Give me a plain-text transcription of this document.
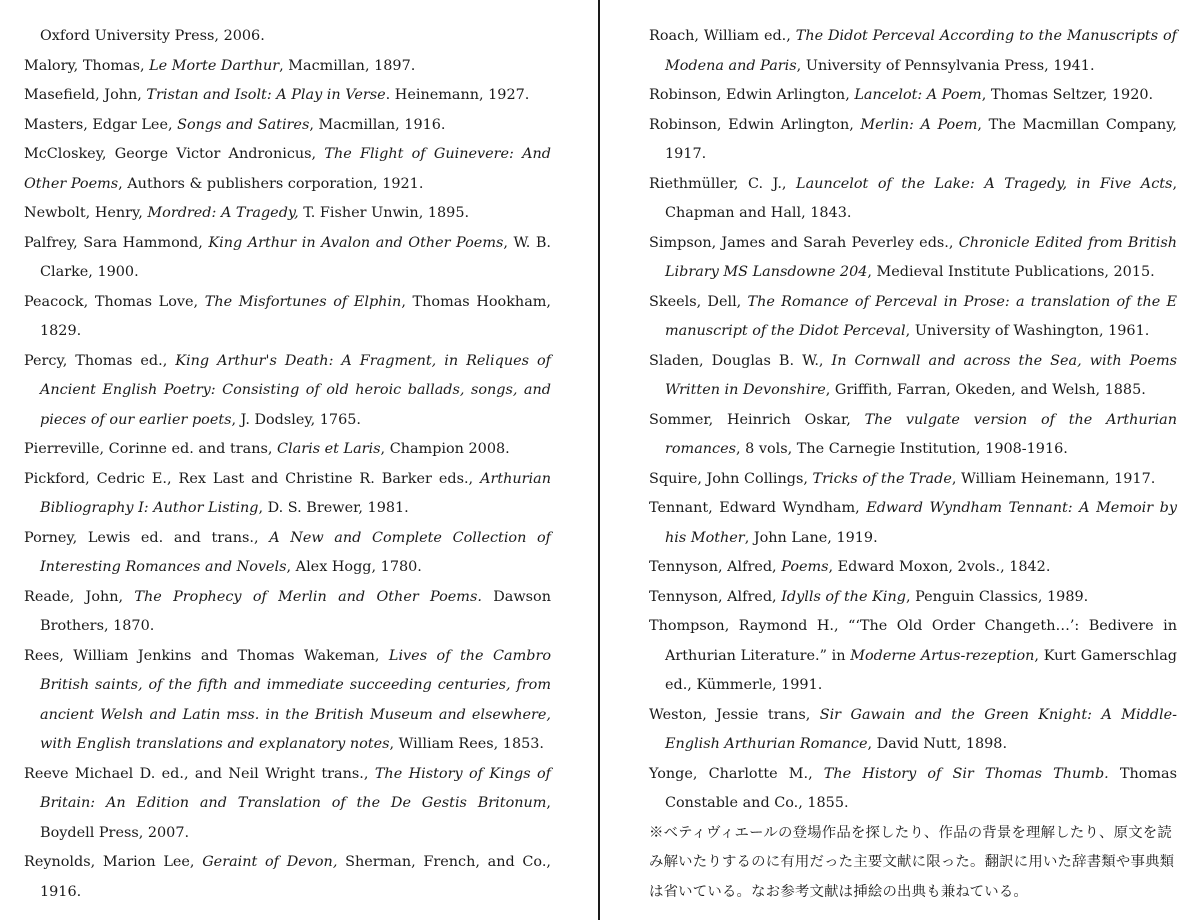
Oxford University Press, 2006.

Malory, Thomas, Le Morte Darthur, Macmillan, 1897.

Masefield, John, Tristan and Isolt: A Play in Verse. Heinemann, 1927.

Masters, Edgar Lee, Songs and Satires, Macmillan, 1916.

McCloskey, George Victor Andronicus, The Flight of Guinevere: And Other Poems, Authors & publishers corporation, 1921.

Newbolt, Henry, Mordred: A Tragedy, T. Fisher Unwin, 1895.

Palfrey, Sara Hammond, King Arthur in Avalon and Other Poems, W. B. Clarke, 1900.

Peacock, Thomas Love, The Misfortunes of Elphin, Thomas Hookham, 1829.

Percy, Thomas ed., King Arthur's Death: A Fragment, in Reliques of Ancient English Poetry: Consisting of old heroic ballads, songs, and pieces of our earlier poets, J. Dodsley, 1765.

Pierreville, Corinne ed. and trans, Claris et Laris, Champion 2008.

Pickford, Cedric E., Rex Last and Christine R. Barker eds., Arthurian Bibliography I: Author Listing, D. S. Brewer, 1981.

Porney, Lewis ed. and trans., A New and Complete Collection of Interesting Romances and Novels, Alex Hogg, 1780.

Reade, John, The Prophecy of Merlin and Other Poems. Dawson Brothers, 1870.

Rees, William Jenkins and Thomas Wakeman, Lives of the Cambro British saints, of the fifth and immediate succeeding centuries, from ancient Welsh and Latin mss. in the British Museum and elsewhere, with English translations and explanatory notes, William Rees, 1853.

Reeve Michael D. ed., and Neil Wright trans., The History of Kings of Britain: An Edition and Translation of the De Gestis Britonum, Boydell Press, 2007.

Reynolds, Marion Lee, Geraint of Devon, Sherman, French, and Co., 1916.

Roach, William ed., The Didot Perceval According to the Manuscripts of Modena and Paris, University of Pennsylvania Press, 1941.

Robinson, Edwin Arlington, Lancelot: A Poem, Thomas Seltzer, 1920.

Robinson, Edwin Arlington, Merlin: A Poem, The Macmillan Company, 1917.

Riethmüller, C. J., Launcelot of the Lake: A Tragedy, in Five Acts, Chapman and Hall, 1843.

Simpson, James and Sarah Peverley eds., Chronicle Edited from British Library MS Lansdowne 204, Medieval Institute Publications, 2015.

Skeels, Dell, The Romance of Perceval in Prose: a translation of the E manuscript of the Didot Perceval, University of Washington, 1961.

Sladen, Douglas B. W., In Cornwall and across the Sea, with Poems Written in Devonshire, Griffith, Farran, Okeden, and Welsh, 1885.

Sommer, Heinrich Oskar, The vulgate version of the Arthurian romances, 8 vols, The Carnegie Institution, 1908-1916.

Squire, John Collings, Tricks of the Trade, William Heinemann, 1917.

Tennant, Edward Wyndham, Edward Wyndham Tennant: A Memoir by his Mother, John Lane, 1919.

Tennyson, Alfred, Poems, Edward Moxon, 2vols., 1842.

Tennyson, Alfred, Idylls of the King, Penguin Classics, 1989.

Thompson, Raymond H., “‘The Old Order Changeth…’: Bedivere in Arthurian Literature.” in Moderne Artus-rezeption, Kurt Gamerschlag ed., Kümmerle, 1991.

Weston, Jessie trans, Sir Gawain and the Green Knight: A Middle-English Arthurian Romance, David Nutt, 1898.

Yonge, Charlotte M., The History of Sir Thomas Thumb. Thomas Constable and Co., 1855.

※ベティヴィエールの登場作品を探したり、作品の背景を理解したり、原文を読み解いたりするのに有用だった主要文献に限った。翻訳に用いた辞書類や事典類は省いている。なお参考文献は挿絵の出典も兼ねている。
